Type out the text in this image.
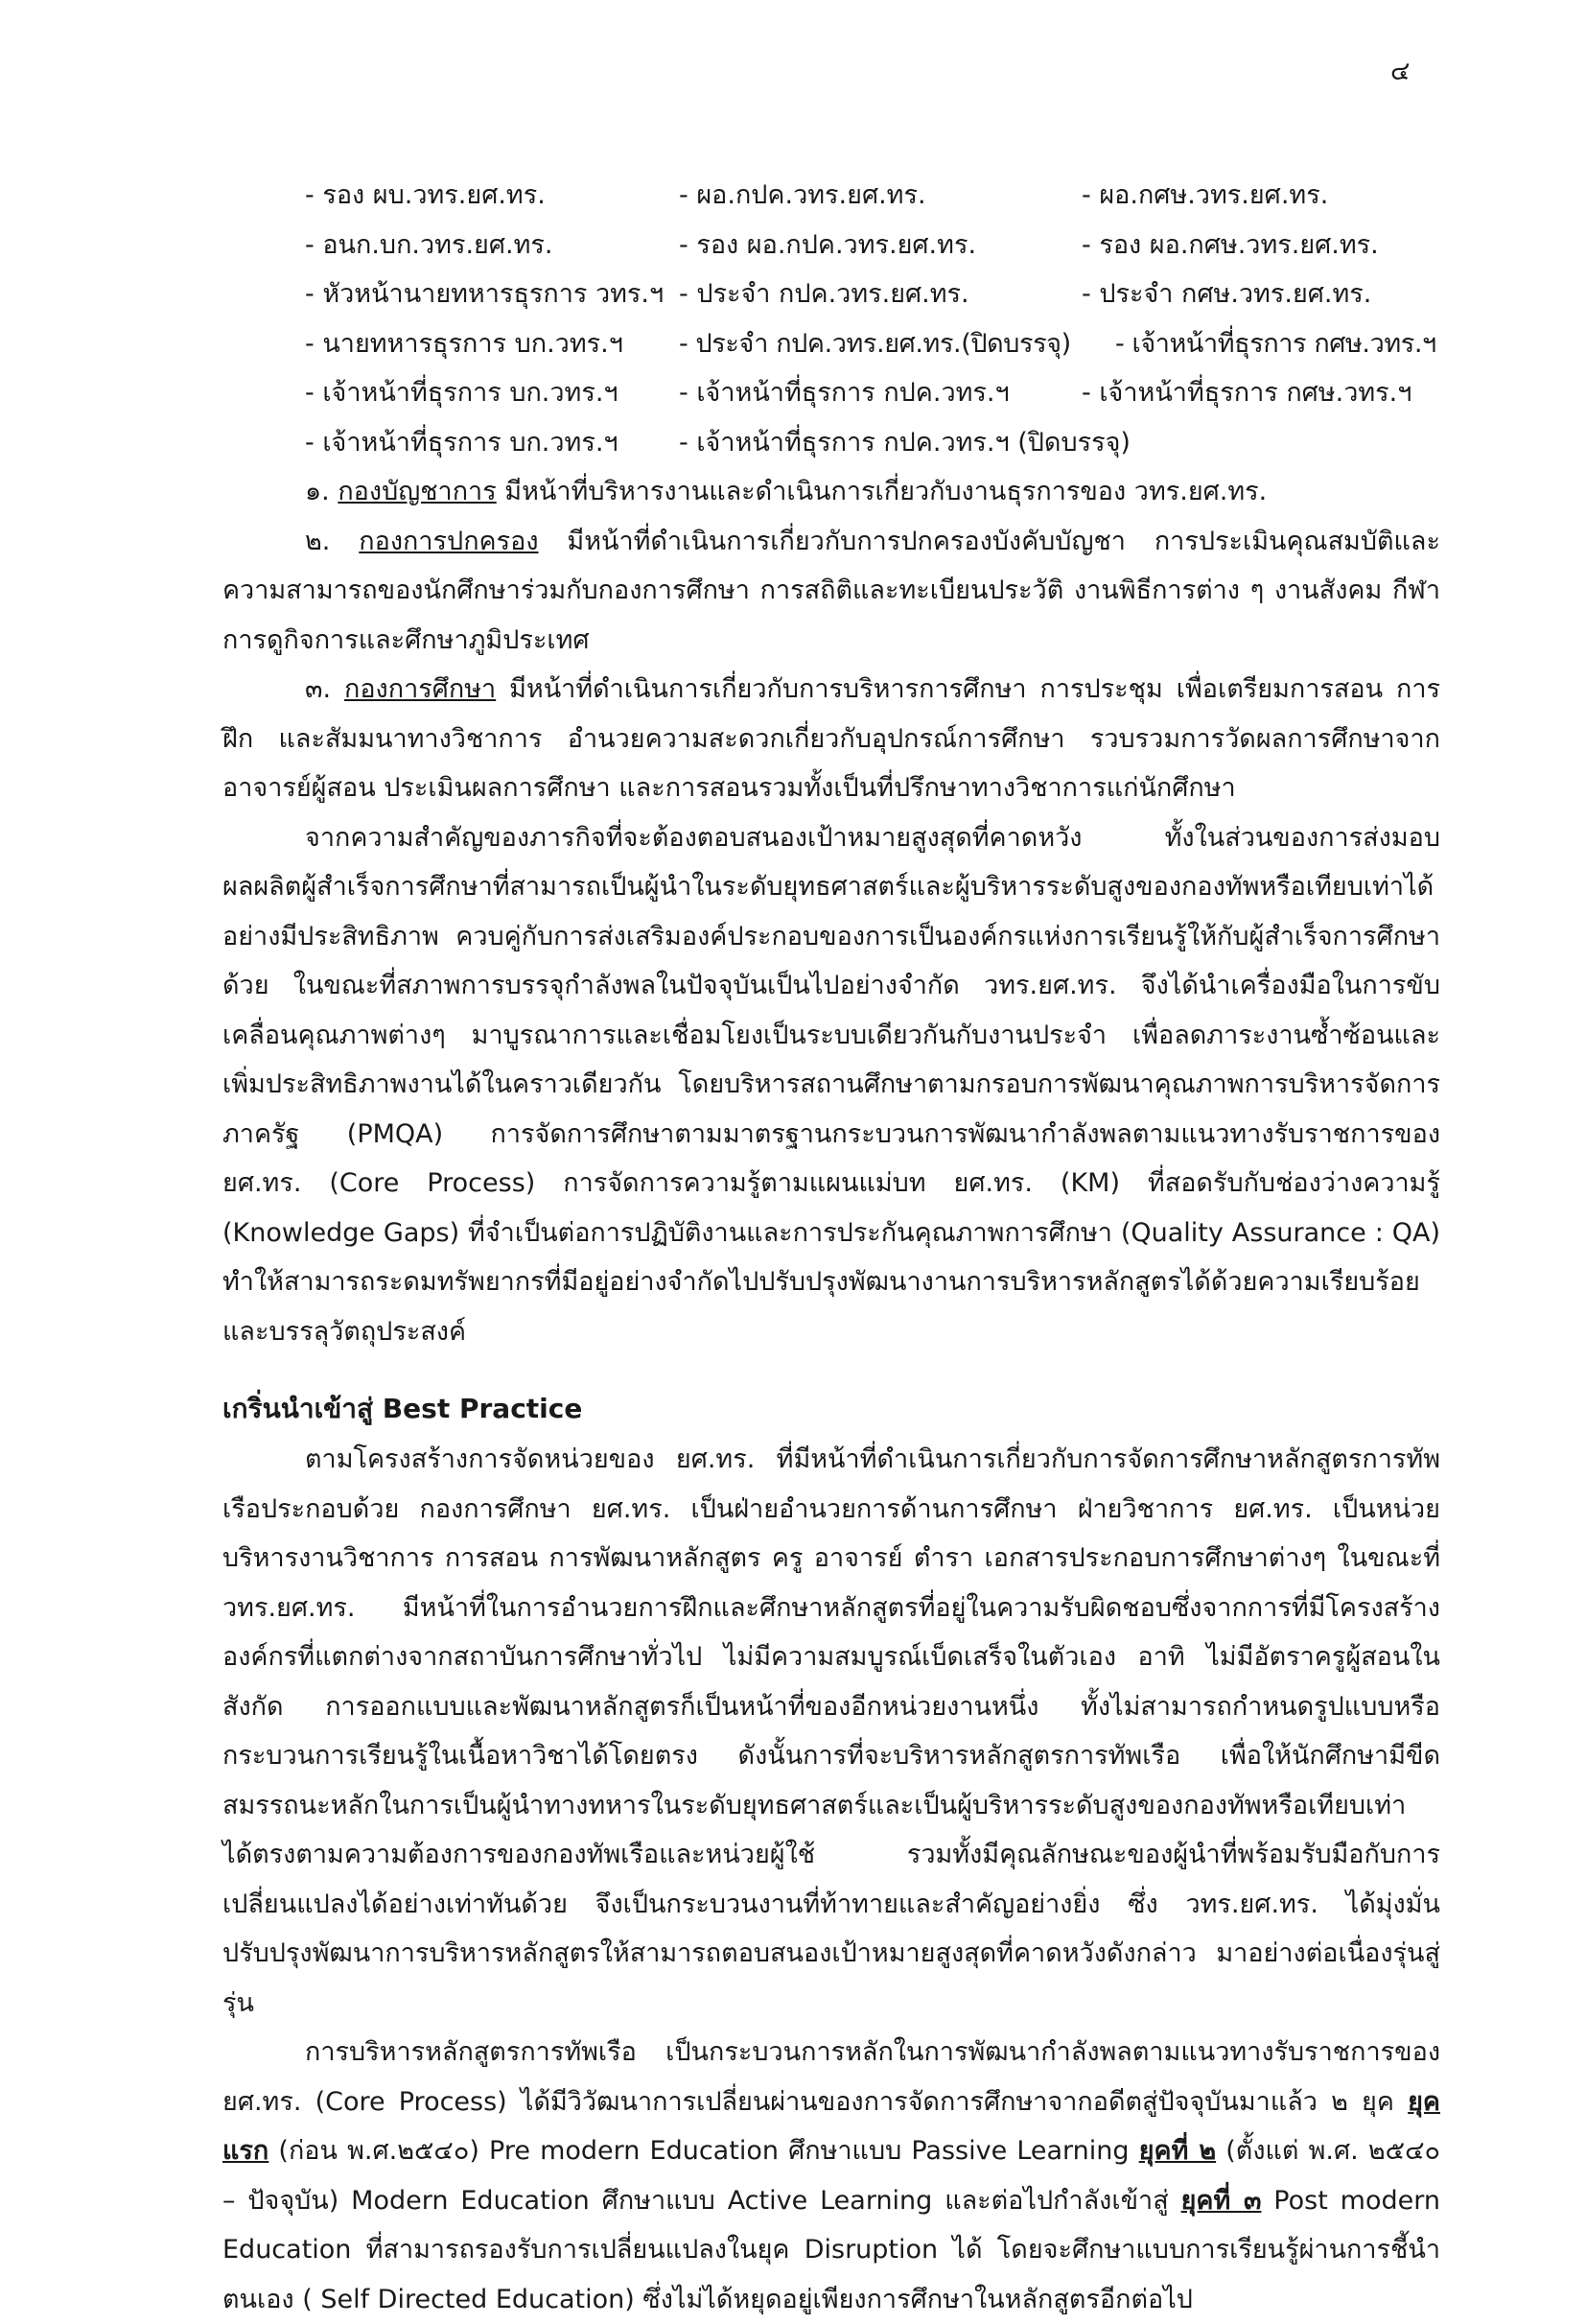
๔
- รอง ผบ.วทร.ยศ.ทร.	- ผอ.กปค.วทร.ยศ.ทร.	- ผอ.กศษ.วทร.ยศ.ทร.
- อนก.บก.วทร.ยศ.ทร.	- รอง ผอ.กปค.วทร.ยศ.ทร.	- รอง ผอ.กศษ.วทร.ยศ.ทร.
- หัวหน้านายทหารธุรการ วทร.ฯ - ประจำ กปค.วทร.ยศ.ทร.	- ประจำ กศษ.วทร.ยศ.ทร.
- นายทหารธุรการ บก.วทร.ฯ - ประจำ กปค.วทร.ยศ.ทร.(ปิดบรรจุ) - เจ้าหน้าที่ธุรการ กศษ.วทร.ฯ
- เจ้าหน้าที่ธุรการ บก.วทร.ฯ - เจ้าหน้าที่ธุรการ กปค.วทร.ฯ	- เจ้าหน้าที่ธุรการ กศษ.วทร.ฯ
- เจ้าหน้าที่ธุรการ บก.วทร.ฯ - เจ้าหน้าที่ธุรการ กปค.วทร.ฯ (ปิดบรรจุ)

๑. กองบัญชาการ มีหน้าที่บริหารงานและดำเนินการเกี่ยวกับงานธุรการของ วทร.ยศ.ทร.

๒. กองการปกครอง มีหน้าที่ดำเนินการเกี่ยวกับการปกครองบังคับบัญชา การประเมินคุณสมบัติและความสามารถของนักศึกษาร่วมกับกองการศึกษา การสถิติและทะเบียนประวัติ งานพิธีการต่าง ๆ งานสังคม กีฬา การดูกิจการและศึกษาภูมิประเทศ

๓. กองการศึกษา มีหน้าที่ดำเนินการเกี่ยวกับการบริหารการศึกษา การประชุม เพื่อเตรียมการสอน การฝึก และสัมมนาทางวิชาการ อำนวยความสะดวกเกี่ยวกับอุปกรณ์การศึกษา รวบรวมการวัดผลการศึกษาจากอาจารย์ผู้สอน ประเมินผลการศึกษา และการสอนรวมทั้งเป็นที่ปรึกษาทางวิชาการแก่นักศึกษา

จากความสำคัญของภารกิจที่จะต้องตอบสนองเป้าหมายสูงสุดที่คาดหวัง ทั้งในส่วนของการส่งมอบผลผลิตผู้สำเร็จการศึกษาที่สามารถเป็นผู้นำในระดับยุทธศาสตร์และผู้บริหารระดับสูงของกองทัพหรือเทียบเท่าได้อย่างมีประสิทธิภาพ ควบคู่กับการส่งเสริมองค์ประกอบของการเป็นองค์กรแห่งการเรียนรู้ให้กับผู้สำเร็จการศึกษาด้วย ในขณะที่สภาพการบรรจุกำลังพลในปัจจุบันเป็นไปอย่างจำกัด วทร.ยศ.ทร. จึงได้นำเครื่องมือในการขับเคลื่อนคุณภาพต่างๆ มาบูรณาการและเชื่อมโยงเป็นระบบเดียวกันกับงานประจำ เพื่อลดภาระงานซ้ำซ้อนและเพิ่มประสิทธิภาพงานได้ในคราวเดียวกัน โดยบริหารสถานศึกษาตามกรอบการพัฒนาคุณภาพการบริหารจัดการภาครัฐ (PMQA) การจัดการศึกษาตามมาตรฐานกระบวนการพัฒนากำลังพลตามแนวทางรับราชการของ ยศ.ทร. (Core Process) การจัดการความรู้ตามแผนแม่บท ยศ.ทร. (KM) ที่สอดรับกับช่องว่างความรู้ (Knowledge Gaps) ที่จำเป็นต่อการปฏิบัติงานและการประกันคุณภาพการศึกษา (Quality Assurance : QA) ทำให้สามารถระดมทรัพยากรที่มีอยู่อย่างจำกัดไปปรับปรุงพัฒนางานการบริหารหลักสูตรได้ด้วยความเรียบร้อยและบรรลุวัตถุประสงค์

เกริ่นนำเข้าสู่ Best Practice

ตามโครงสร้างการจัดหน่วยของ ยศ.ทร. ที่มีหน้าที่ดำเนินการเกี่ยวกับการจัดการศึกษาหลักสูตรการทัพเรือประกอบด้วย กองการศึกษา ยศ.ทร. เป็นฝ่ายอำนวยการด้านการศึกษา ฝ่ายวิชาการ ยศ.ทร. เป็นหน่วยบริหารงานวิชาการ การสอน การพัฒนาหลักสูตร ครู อาจารย์ ตำรา เอกสารประกอบการศึกษาต่างๆ ในขณะที่ วทร.ยศ.ทร. มีหน้าที่ในการอำนวยการฝึกและศึกษาหลักสูตรที่อยู่ในความรับผิดชอบซึ่งจากการที่มีโครงสร้างองค์กรที่แตกต่างจากสถาบันการศึกษาทั่วไป ไม่มีความสมบูรณ์เบ็ดเสร็จในตัวเอง อาทิ ไม่มีอัตราครูผู้สอนในสังกัด การออกแบบและพัฒนาหลักสูตรก็เป็นหน้าที่ของอีกหน่วยงานหนึ่ง ทั้งไม่สามารถกำหนดรูปแบบหรือกระบวนการเรียนรู้ในเนื้อหาวิชาได้โดยตรง ดังนั้นการที่จะบริหารหลักสูตรการทัพเรือ เพื่อให้นักศึกษามีขีดสมรรถนะหลักในการเป็นผู้นำทางทหารในระดับยุทธศาสตร์และเป็นผู้บริหารระดับสูงของกองทัพหรือเทียบเท่า ได้ตรงตามความต้องการของกองทัพเรือและหน่วยผู้ใช้ รวมทั้งมีคุณลักษณะของผู้นำที่พร้อมรับมือกับการเปลี่ยนแปลงได้อย่างเท่าทันด้วย จึงเป็นกระบวนงานที่ท้าทายและสำคัญอย่างยิ่ง ซึ่ง วทร.ยศ.ทร. ได้มุ่งมั่นปรับปรุงพัฒนาการบริหารหลักสูตรให้สามารถตอบสนองเป้าหมายสูงสุดที่คาดหวังดังกล่าว มาอย่างต่อเนื่องรุ่นสู่รุ่น

การบริหารหลักสูตรการทัพเรือ เป็นกระบวนการหลักในการพัฒนากำลังพลตามแนวทางรับราชการของ ยศ.ทร. (Core Process) ได้มีวิวัฒนาการเปลี่ยนผ่านของการจัดการศึกษาจากอดีตสู่ปัจจุบันมาแล้ว ๒ ยุค ยุคแรก (ก่อน พ.ศ.๒๕๔๐) Pre modern Education ศึกษาแบบ Passive Learning ยุคที่ ๒ (ตั้งแต่ พ.ศ. ๒๕๔๐ – ปัจจุบัน) Modern Education ศึกษาแบบ Active Learning และต่อไปกำลังเข้าสู่ ยุคที่ ๓ Post modern Education ที่สามารถรองรับการเปลี่ยนแปลงในยุค Disruption ได้ โดยจะศึกษาแบบการเรียนรู้ผ่านการชี้นำตนเอง ( Self Directed Education) ซึ่งไม่ได้หยุดอยู่เพียงการศึกษาในหลักสูตรอีกต่อไป
